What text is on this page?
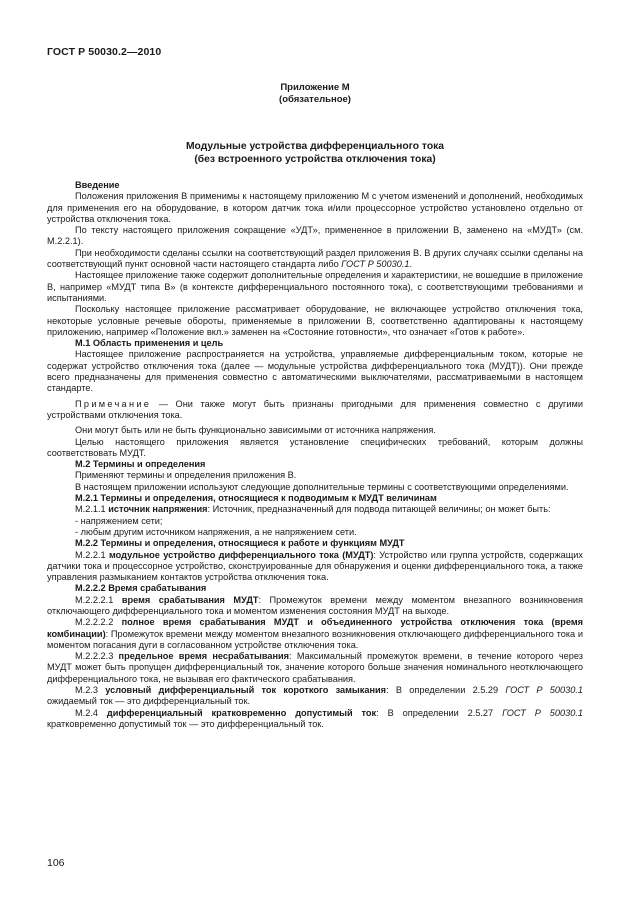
ГОСТ Р 50030.2—2010
Приложение М
(обязательное)
Модульные устройства дифференциального тока
(без встроенного устройства отключения тока)

Введение

Положения приложения В применимы к настоящему приложению М с учетом изменений и дополнений, необходимых для применения его на оборудование, в котором датчик тока и/или процессорное устройство установлено отдельно от устройства отключения тока.

По тексту настоящего приложения сокращение «УДТ», примененное в приложении В, заменено на «МУДТ» (см. М.2.2.1).

При необходимости сделаны ссылки на соответствующий раздел приложения В. В других случаях ссылки сделаны на соответствующий пункт основной части настоящего стандарта либо ГОСТ Р 50030.1.

Настоящее приложение также содержит дополнительные определения и характеристики, не вошедшие в приложение В, например «МУДТ типа В» (в контексте дифференциального постоянного тока), с соответствующими требованиями и испытаниями.

Поскольку настоящее приложение рассматривает оборудование, не включающее устройство отключения тока, некоторые условные речевые обороты, применяемые в приложении В, соответственно адаптированы к настоящему приложению, например «Положение вкл.» заменен на «Состояние готовности», что означает «Готов к работе».

М.1 Область применения и цель

Настоящее приложение распространяется на устройства, управляемые дифференциальным током, которые не содержат устройство отключения тока (далее — модульные устройства дифференциального тока (МУДТ)). Они прежде всего предназначены для применения совместно с автоматическими выключателями, рассматриваемыми в настоящем стандарте.

Примечание — Они также могут быть признаны пригодными для применения совместно с другими устройствами отключения тока.

Они могут быть или не быть функционально зависимыми от источника напряжения.

Целью настоящего приложения является установление специфических требований, которым должны соответствовать МУДТ.

М.2 Термины и определения

Применяют термины и определения приложения В.

В настоящем приложении используют следующие дополнительные термины с соответствующими определениями.

М.2.1 Термины и определения, относящиеся к подводимым к МУДТ величинам

М.2.1.1 источник напряжения: Источник, предназначенный для подвода питающей величины; он может быть:

- напряжением сети;

- любым другим источником напряжения, а не напряжением сети.

М.2.2 Термины и определения, относящиеся к работе и функциям МУДТ

М.2.2.1 модульное устройство дифференциального тока (МУДТ): Устройство или группа устройств, содержащих датчики тока и процессорное устройство, сконструированные для обнаружения и оценки дифференциального тока, а также управления размыканием контактов устройства отключения тока.

М.2.2.2 Время срабатывания

М.2.2.2.1 время срабатывания МУДТ: Промежуток времени между моментом внезапного возникновения отключающего дифференциального тока и моментом изменения состояния МУДТ на выходе.

М.2.2.2.2 полное время срабатывания МУДТ и объединенного устройства отключения тока (время комбинации): Промежуток времени между моментом внезапного возникновения отключающего дифференциального тока и моментом погасания дуги в согласованном устройстве отключения тока.

М.2.2.2.3 предельное время несрабатывания: Максимальный промежуток времени, в течение которого через МУДТ может быть пропущен дифференциальный ток, значение которого больше значения номинального неотключающего дифференциального тока, не вызывая его фактического срабатывания.

М.2.3 условный дифференциальный ток короткого замыкания: В определении 2.5.29 ГОСТ Р 50030.1 ожидаемый ток — это дифференциальный ток.

М.2.4 дифференциальный кратковременно допустимый ток: В определении 2.5.27 ГОСТ Р 50030.1 кратковременно допустимый ток — это дифференциальный ток.

106
